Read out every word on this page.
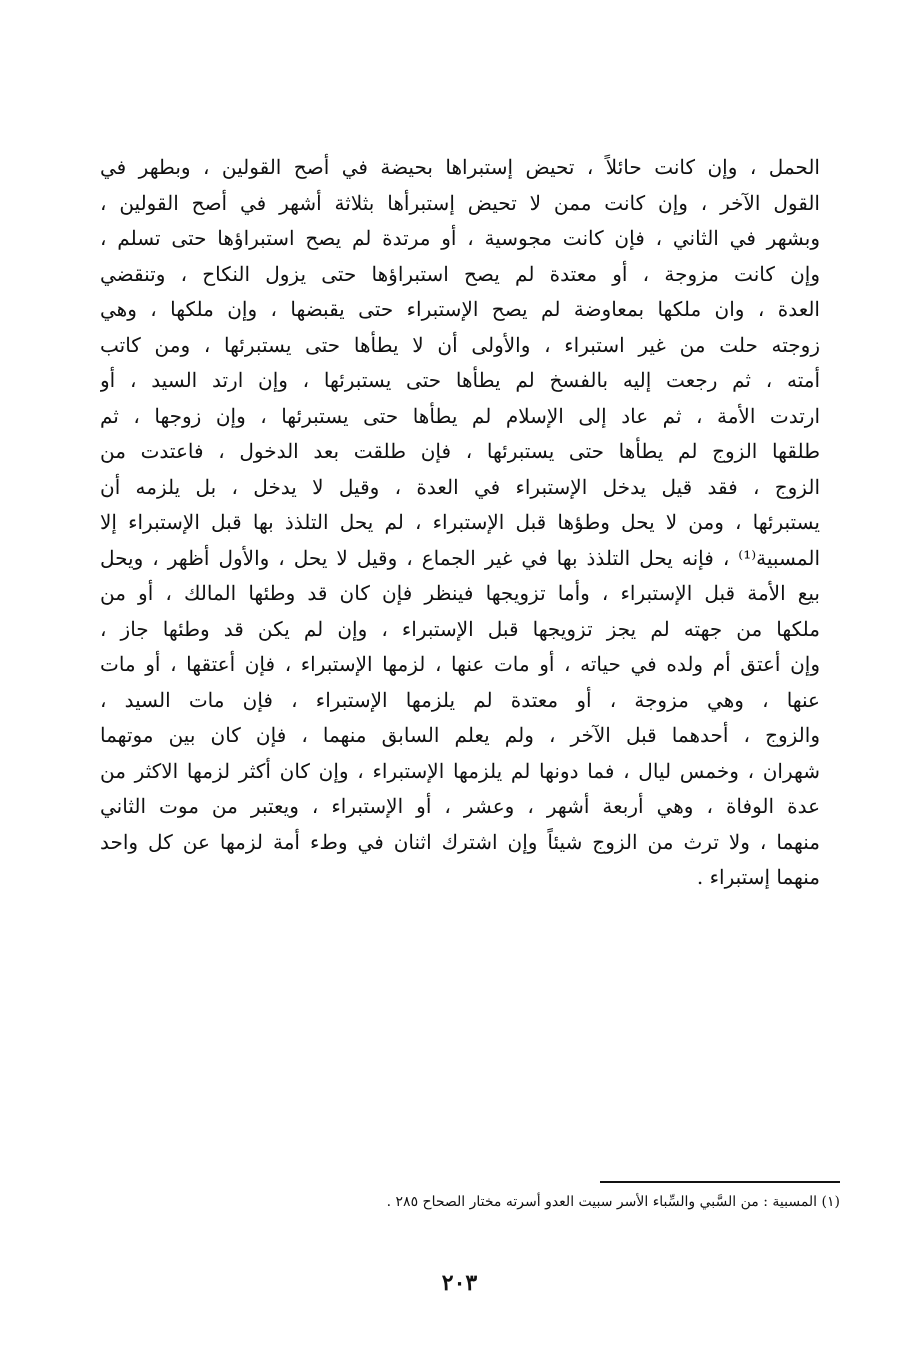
الحمل ، وإن كانت حائلاً ، تحيض إستبراها بحيضة في أصح القولين ، وبطهر في
القول الآخر ، وإن كانت ممن لا تحيض إستبرأها بثلاثة أشهر في أصح القولين ،
وبشهر في الثاني ، فإن كانت مجوسية ، أو مرتدة لم يصح استبراؤها حتى تسلم ،
وإن كانت مزوجة ، أو معتدة لم يصح استبراؤها حتى يزول النكاح ، وتنقضي
العدة ، وان ملكها بمعاوضة لم يصح الإستبراء حتى يقبضها ، وإن ملكها ، وهي
زوجته حلت من غير استبراء ، والأولى أن لا يطأها حتى يستبرئها ، ومن كاتب
أمته ، ثم رجعت إليه بالفسخ لم يطأها حتى يستبرئها ، وإن ارتد السيد ، أو
ارتدت الأمة ، ثم عاد إلى الإسلام لم يطأها حتى يستبرئها ، وإن زوجها ، ثم
طلقها الزوج لم يطأها حتى يستبرئها ، فإن طلقت بعد الدخول ، فاعتدت من
الزوج ، فقد قيل يدخل الإستبراء في العدة ، وقيل لا يدخل ، بل يلزمه أن
يستبرئها ، ومن لا يحل وطؤها قبل الإستبراء ، لم يحل التلذذ بها قبل الإستبراء إلا
المسبية⁽¹⁾ ، فإنه يحل التلذذ بها في غير الجماع ، وقيل لا يحل ، والأول أظهر ، ويحل
بيع الأمة قبل الإستبراء ، وأما تزويجها فينظر فإن كان قد وطئها المالك ، أو من
ملكها من جهته لم يجز تزويجها قبل الإستبراء ، وإن لم يكن قد وطئها جاز ،
وإن أعتق أم ولده في حياته ، أو مات عنها ، لزمها الإستبراء ، فإن أعتقها ، أو مات
عنها ، وهي مزوجة ، أو معتدة لم يلزمها الإستبراء ، فإن مات السيد ،
والزوج ، أحدهما قبل الآخر ، ولم يعلم السابق منهما ، فإن كان بين موتهما
شهران ، وخمس ليال ، فما دونها لم يلزمها الإستبراء ، وإن كان أكثر لزمها الاكثر من
عدة الوفاة ، وهي أربعة أشهر ، وعشر ، أو الإستبراء ، ويعتبر من موت الثاني
منهما ، ولا ترث من الزوج شيئاً وإن اشترك اثنان في وطء أمة لزمها عن كل واحد
منهما إستبراء .
(١) المسبية : من السَّبي والسِّباء الأسر سبيت العدو أسرته مختار الصحاح ٢٨٥ .
٢٠٣
